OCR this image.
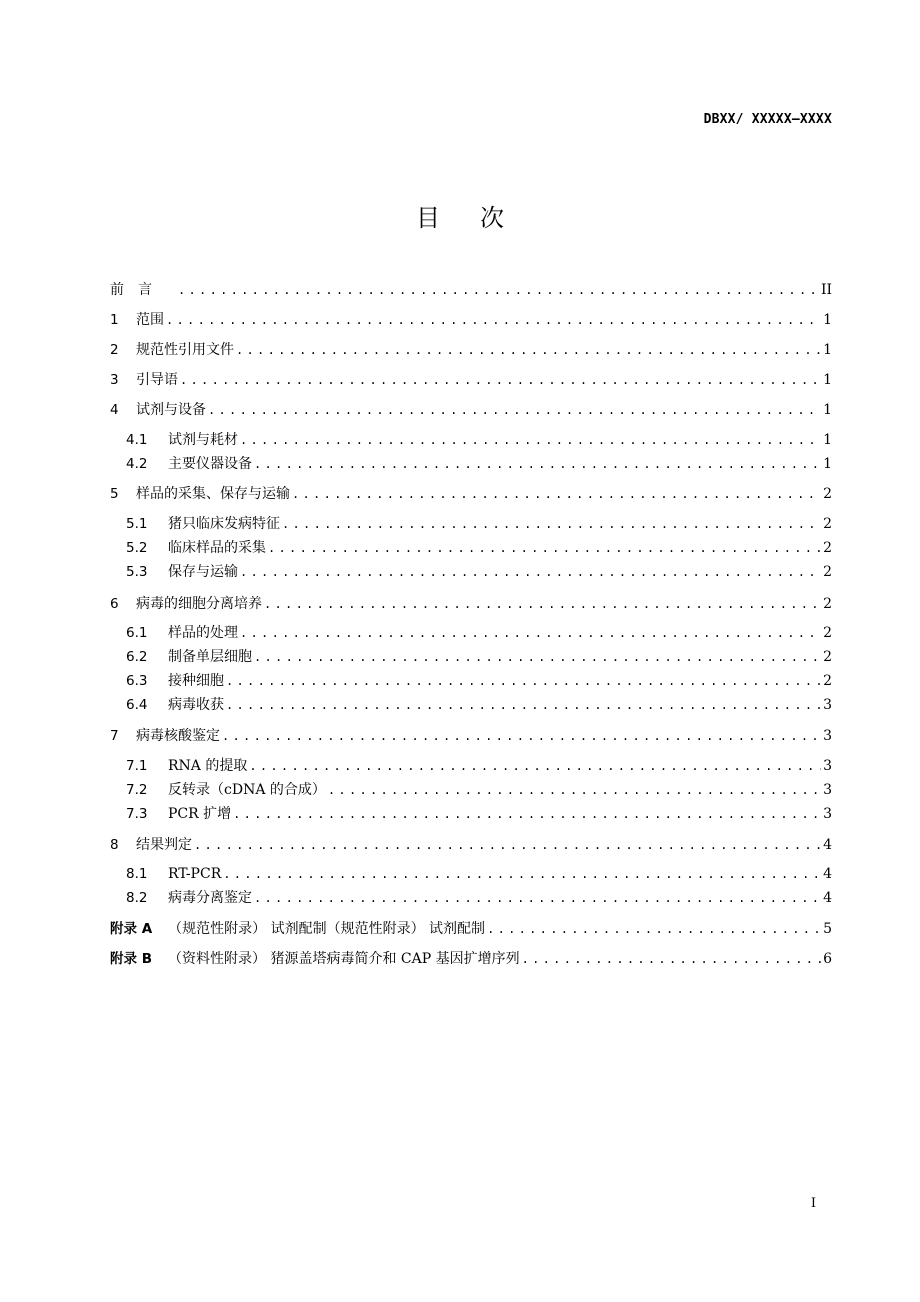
DBXX/ XXXXX—XXXX
目次
前	言 .....	II
1	范围 .....	1
2	规范性引用文件 .....	1
3	引导语 .....	1
4	试剂与设备 .....	1
4.1	试剂与耗材 .....	1
4.2	主要仪器设备 .....	1
5	样品的采集、保存与运输 .....	2
5.1	猪只临床发病特征 .....	2
5.2	临床样品的采集 .....	2
5.3	保存与运输 .....	2
6	病毒的细胞分离培养 .....	2
6.1	样品的处理 .....	2
6.2	制备单层细胞 .....	2
6.3	接种细胞 .....	2
6.4	病毒收获 .....	3
7	病毒核酸鉴定 .....	3
7.1	RNA 的提取 .....	3
7.2	反转录（cDNA 的合成） .....	3
7.3	PCR 扩增 .....	3
8	结果判定 .....	4
8.1	RT-PCR .....	4
8.2	病毒分离鉴定 .....	4
附录 A （规范性附录） 试剂配制（规范性附录） 试剂配制 .....	5
附录 B （资料性附录） 猪源盖塔病毒简介和 CAP 基因扩增序列 .....	6
I
